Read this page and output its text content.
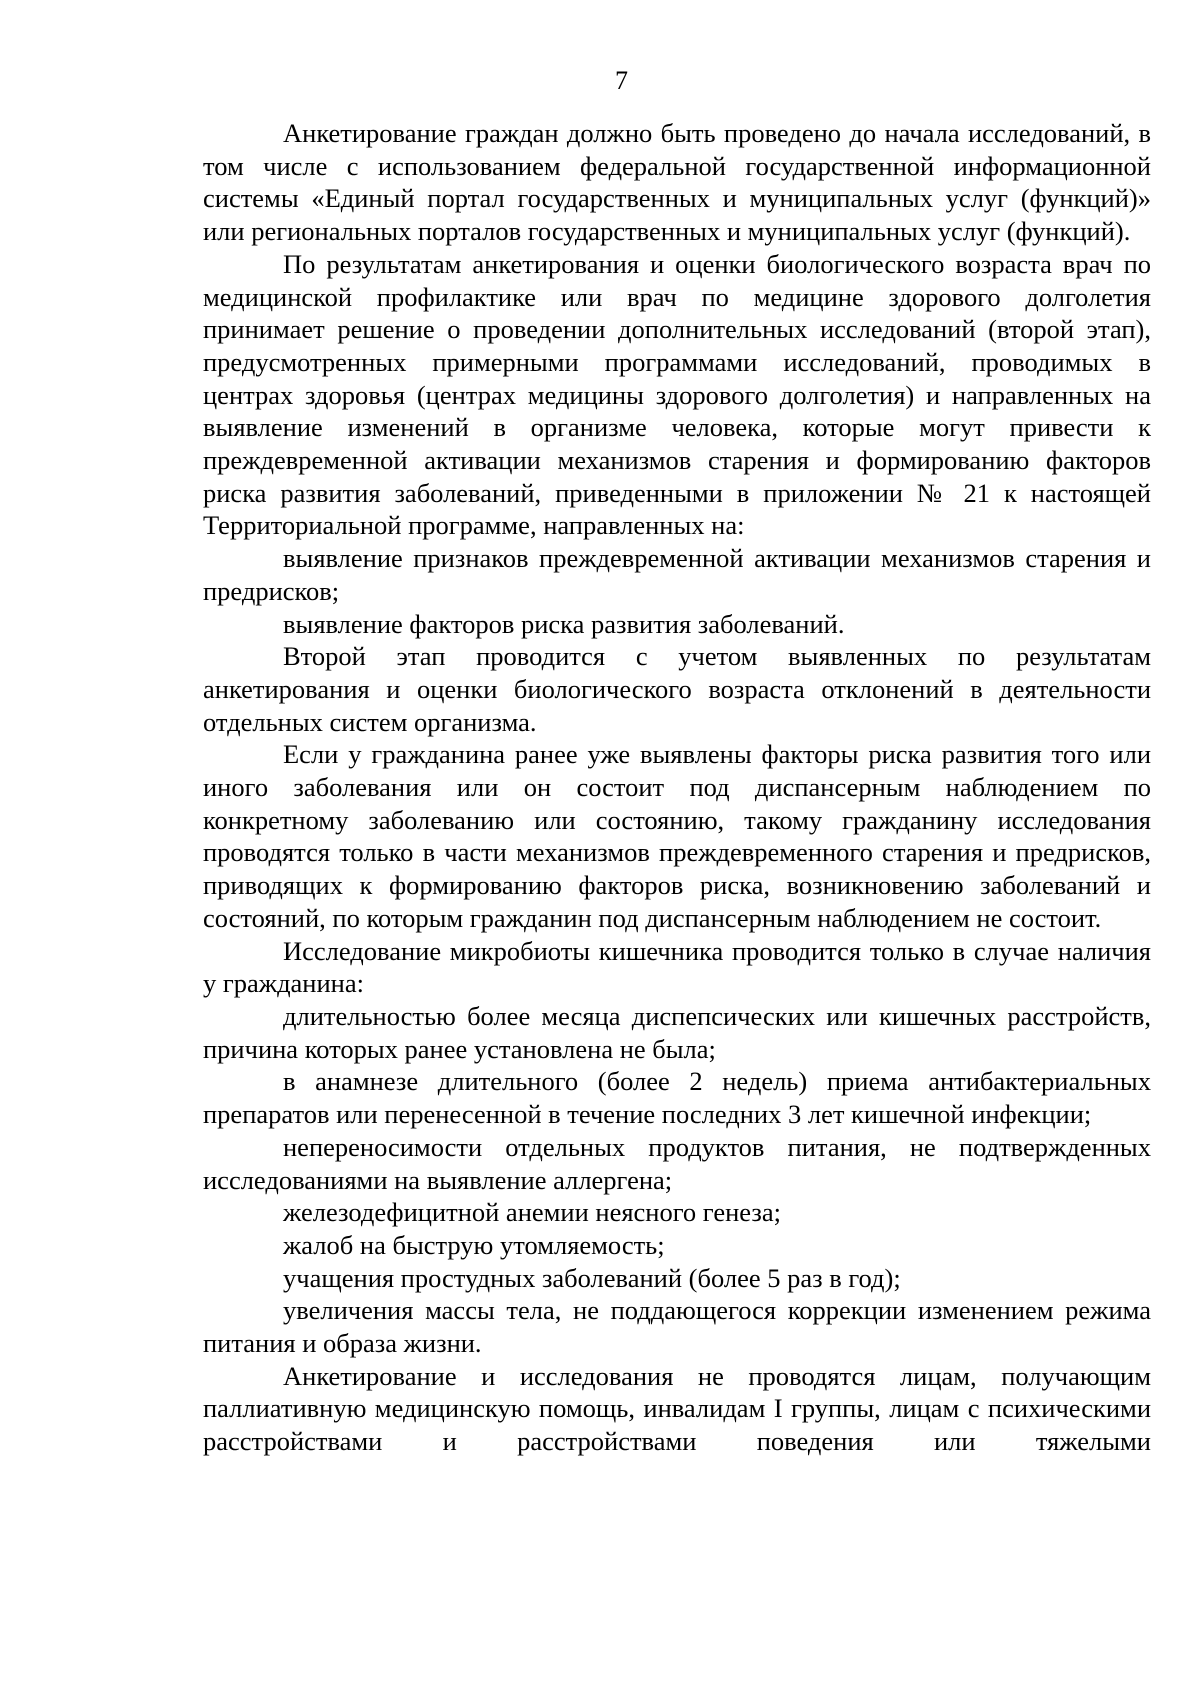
7

Анкетирование граждан должно быть проведено до начала исследований, в том числе с использованием федеральной государственной информационной системы «Единый портал государственных и муниципальных услуг (функций)» или региональных порталов государственных и муниципальных услуг (функций).

По результатам анкетирования и оценки биологического возраста врач по медицинской профилактике или врач по медицине здорового долголетия принимает решение о проведении дополнительных исследований (второй этап), предусмотренных примерными программами исследований, проводимых в центрах здоровья (центрах медицины здорового долголетия) и направленных на выявление изменений в организме человека, которые могут привести к преждевременной активации механизмов старения и формированию факторов риска развития заболеваний, приведенными в приложении № 21 к настоящей Территориальной программе, направленных на:

выявление признаков преждевременной активации механизмов старения и предрисков;

выявление факторов риска развития заболеваний.

Второй этап проводится с учетом выявленных по результатам анкетирования и оценки биологического возраста отклонений в деятельности отдельных систем организма.

Если у гражданина ранее уже выявлены факторы риска развития того или иного заболевания или он состоит под диспансерным наблюдением по конкретному заболеванию или состоянию, такому гражданину исследования проводятся только в части механизмов преждевременного старения и предрисков, приводящих к формированию факторов риска, возникновению заболеваний и состояний, по которым гражданин под диспансерным наблюдением не состоит.

Исследование микробиоты кишечника проводится только в случае наличия у гражданина:

длительностью более месяца диспепсических или кишечных расстройств, причина которых ранее установлена не была;

в анамнезе длительного (более 2 недель) приема антибактериальных препаратов или перенесенной в течение последних 3 лет кишечной инфекции;

непереносимости отдельных продуктов питания, не подтвержденных исследованиями на выявление аллергена;

железодефицитной анемии неясного генеза;

жалоб на быструю утомляемость;

учащения простудных заболеваний (более 5 раз в год);

увеличения массы тела, не поддающегося коррекции изменением режима питания и образа жизни.

Анкетирование и исследования не проводятся лицам, получающим паллиативную медицинскую помощь, инвалидам I группы, лицам с психическими расстройствами и расстройствами поведения или тяжелыми
